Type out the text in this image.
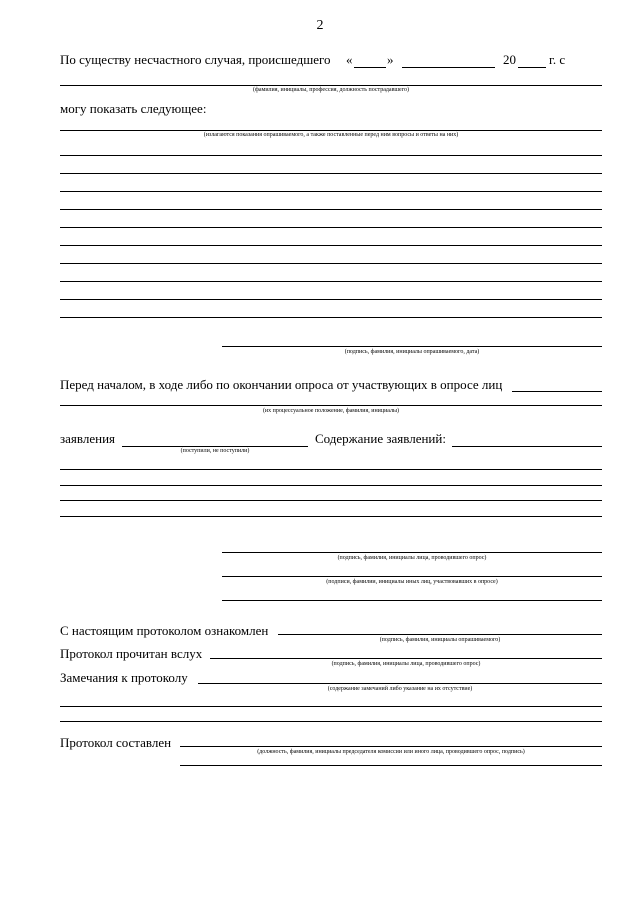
2
По существу несчастного случая, происшедшего «	»	20	г. с
(фамилия, инициалы, профессия, должность пострадавшего)
могу показать следующее:
(излагаются показания опрашиваемого, а также поставленные перед ним вопросы и ответы на них)
(подпись, фамилия, инициалы опрашиваемого, дата)
Перед началом, в ходе либо по окончании опроса от участвующих в опросе лиц
(их процессуальное положение, фамилия, инициалы)
заявления
(поступили, не поступили)
Содержание заявлений:
(подпись, фамилия, инициалы лица, проводившего опрос)
(подписи, фамилии, инициалы иных лиц, участвовавших в опросе)
С настоящим протоколом ознакомлен
(подпись, фамилия, инициалы опрашиваемого)
Протокол прочитан вслух
(подпись, фамилия, инициалы лица, проводившего опрос)
Замечания к протоколу
(содержание замечаний либо указание на их отсутствие)
Протокол составлен
(должность, фамилия, инициалы председателя комиссии или иного лица, проводившего опрос, подпись)
